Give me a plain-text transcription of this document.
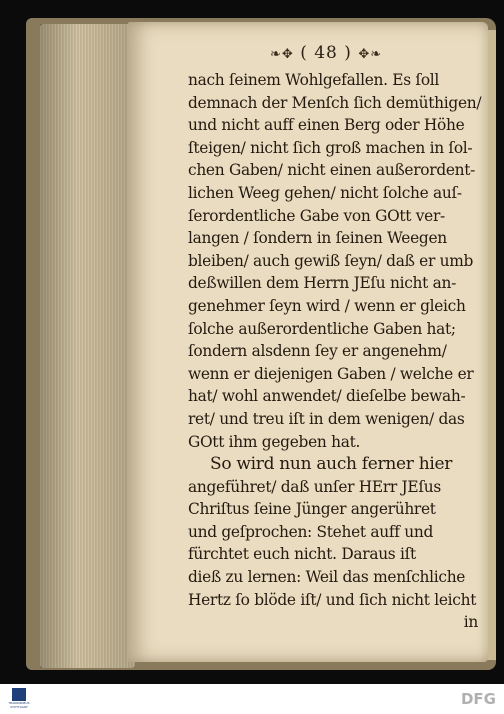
❧✥ ( 48 ) ✥❧
nach ſeinem Wohlgefallen. Es ſoll
demnach der Menſch ſich demüthigen/
und nicht auff einen Berg oder Höhe
ſteigen/ nicht ſich groß machen in ſol-
chen Gaben/ nicht einen außerordent-
lichen Weeg gehen/ nicht ſolche auſ-
ſerordentliche Gabe von GOtt ver-
langen / ſondern in ſeinen Weegen
bleiben/ auch gewiß ſeyn/ daß er umb
deßwillen dem Herrn JEſu nicht an-
genehmer ſeyn wird / wenn er gleich
ſolche außerordentliche Gaben hat;
ſondern alsdenn ſey er angenehm/
wenn er diejenigen Gaben / welche er
hat/ wohl anwendet/ dieſelbe bewah-
ret/ und treu iſt in dem wenigen/ das
GOtt ihm gegeben hat.
So wird nun auch ferner hier
angeführet/ daß unſer HErr JEſus
Chriſtus ſeine Jünger angerühret
und geſprochen: Stehet auff und
fürchtet euch nicht. Daraus iſt
dieß zu lernen: Weil das menſchliche
Hertz ſo blöde iſt/ und ſich nicht leicht
in
TRANSKRIBUS STUTTGART	DFG
